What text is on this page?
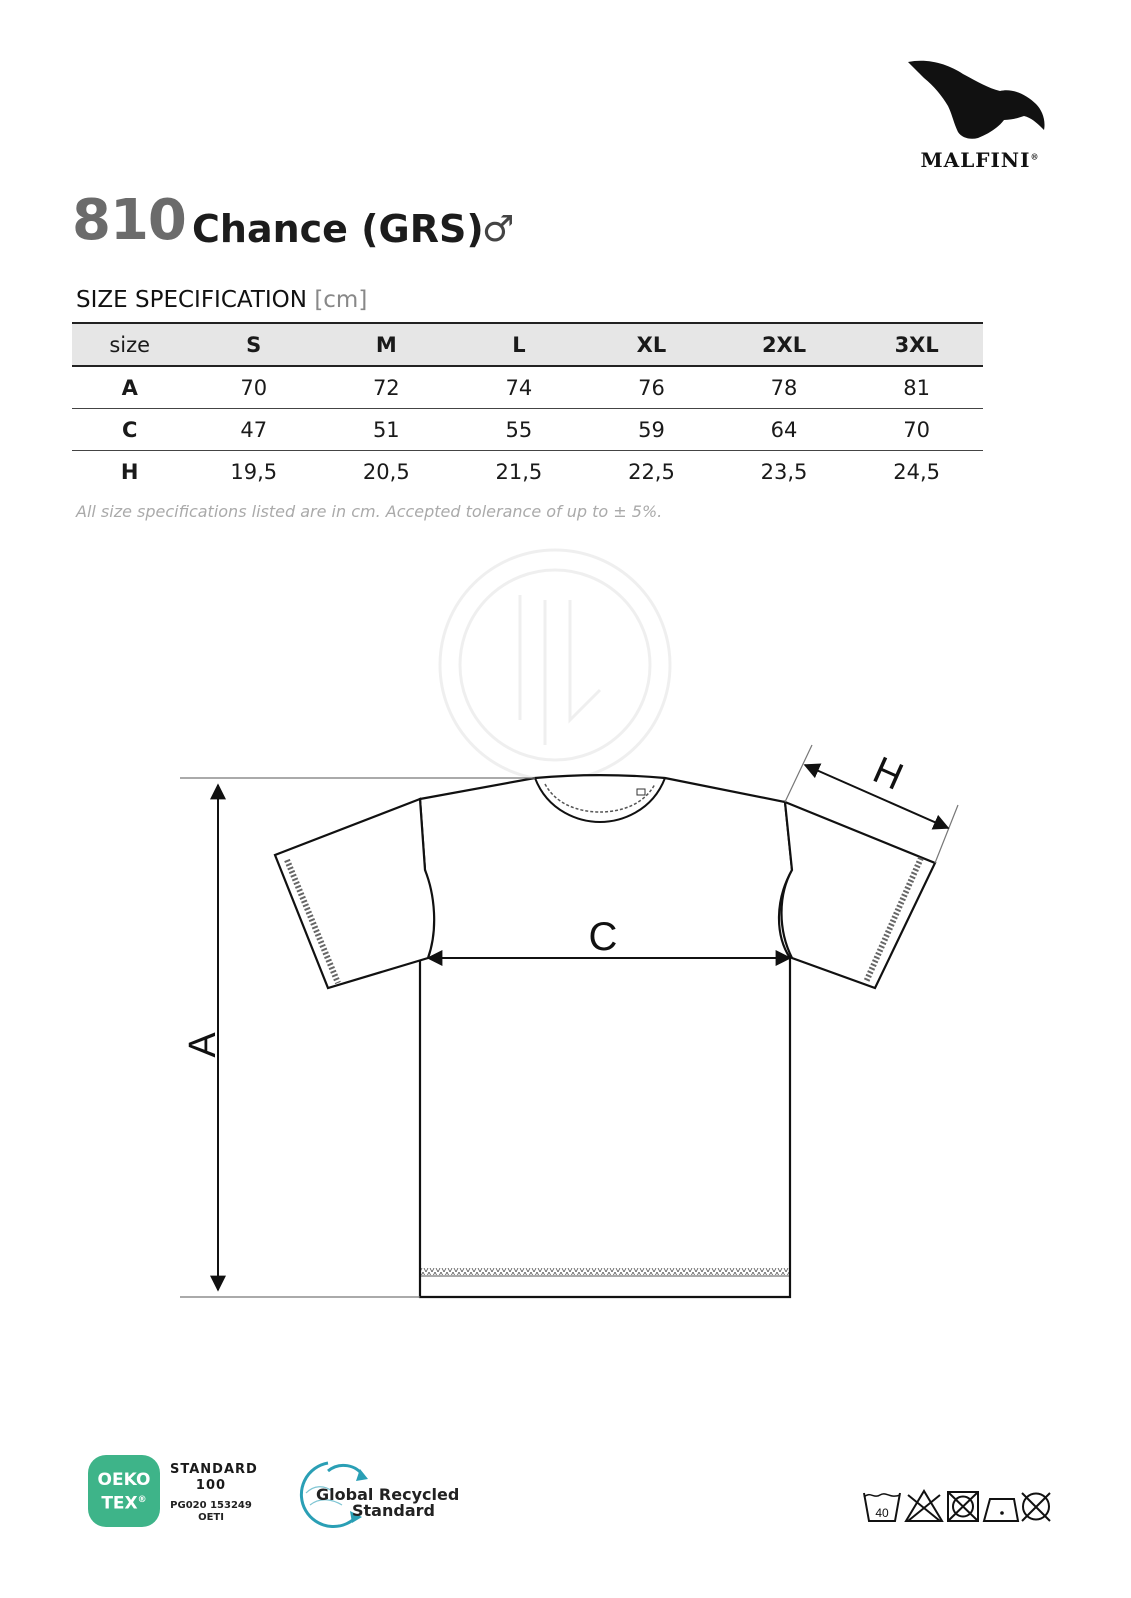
MALFINI®
810 Chance (GRS)
♂
SIZE SPECIFICATION [cm]
size	S	M	L	XL	2XL	3XL
A	70	72	74	76	78	81
C	47	51	55	59	64	70
H	19,5	20,5	21,5	22,5	23,5	24,5
All size specifications listed are in cm. Accepted tolerance of up to ± 5%.
A
C
H
OEKO
TEX®
STANDARD
100
PG020 153249
OETI
Global Recycled
Standard	40
